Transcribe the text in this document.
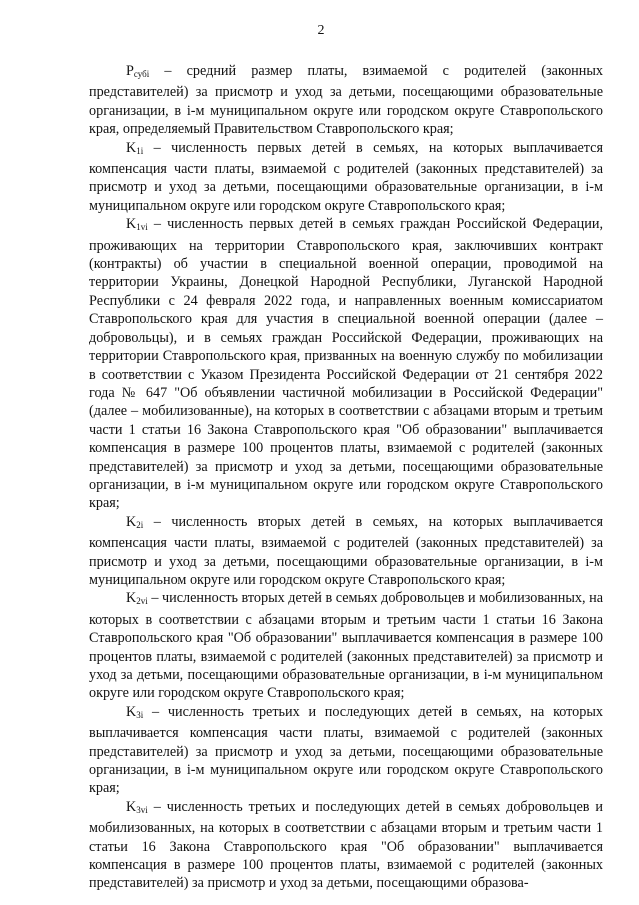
2

$P_{субi}$ – средний размер платы, взимаемой с родителей (законных представителей) за присмотр и уход за детьми, посещающими образовательные организации, в i-м муниципальном округе или городском округе Ставропольского края, определяемый Правительством Ставропольского края;

$K_{1i}$ – численность первых детей в семьях, на которых выплачивается компенсация части платы, взимаемой с родителей (законных представителей) за присмотр и уход за детьми, посещающими образовательные организации, в i-м муниципальном округе или городском округе Ставропольского края;

$K_{1vi}$ – численность первых детей в семьях граждан Российской Федерации, проживающих на территории Ставропольского края, заключивших контракт (контракты) об участии в специальной военной операции, проводимой на территории Украины, Донецкой Народной Республики, Луганской Народной Республики с 24 февраля 2022 года, и направленных военным комиссариатом Ставропольского края для участия в специальной военной операции (далее – добровольцы), и в семьях граждан Российской Федерации, проживающих на территории Ставропольского края, призванных на военную службу по мобилизации в соответствии с Указом Президента Российской Федерации от 21 сентября 2022 года № 647 "Об объявлении частичной мобилизации в Российской Федерации" (далее – мобилизованные), на которых в соответствии с абзацами вторым и третьим части 1 статьи 16 Закона Ставропольского края "Об образовании" выплачивается компенсация в размере 100 процентов платы, взимаемой с родителей (законных представителей) за присмотр и уход за детьми, посещающими образовательные организации, в i-м муниципальном округе или городском округе Ставропольского края;

$K_{2i}$ – численность вторых детей в семьях, на которых выплачивается компенсация части платы, взимаемой с родителей (законных представителей) за присмотр и уход за детьми, посещающими образовательные организации, в i-м муниципальном округе или городском округе Ставропольского края;

$K_{2vi}$ – численность вторых детей в семьях добровольцев и мобилизованных, на которых в соответствии с абзацами вторым и третьим части 1 статьи 16 Закона Ставропольского края "Об образовании" выплачивается компенсация в размере 100 процентов платы, взимаемой с родителей (законных представителей) за присмотр и уход за детьми, посещающими образовательные организации, в i-м муниципальном округе или городском округе Ставропольского края;

$K_{3i}$ – численность третьих и последующих детей в семьях, на которых выплачивается компенсация части платы, взимаемой с родителей (законных представителей) за присмотр и уход за детьми, посещающими образовательные организации, в i-м муниципальном округе или городском округе Ставропольского края;

$K_{3vi}$ – численность третьих и последующих детей в семьях добровольцев и мобилизованных, на которых в соответствии с абзацами вторым и третьим части 1 статьи 16 Закона Ставропольского края "Об образовании" выплачивается компенсация в размере 100 процентов платы, взимаемой с родителей (законных представителей) за присмотр и уход за детьми, посещающими образова-
